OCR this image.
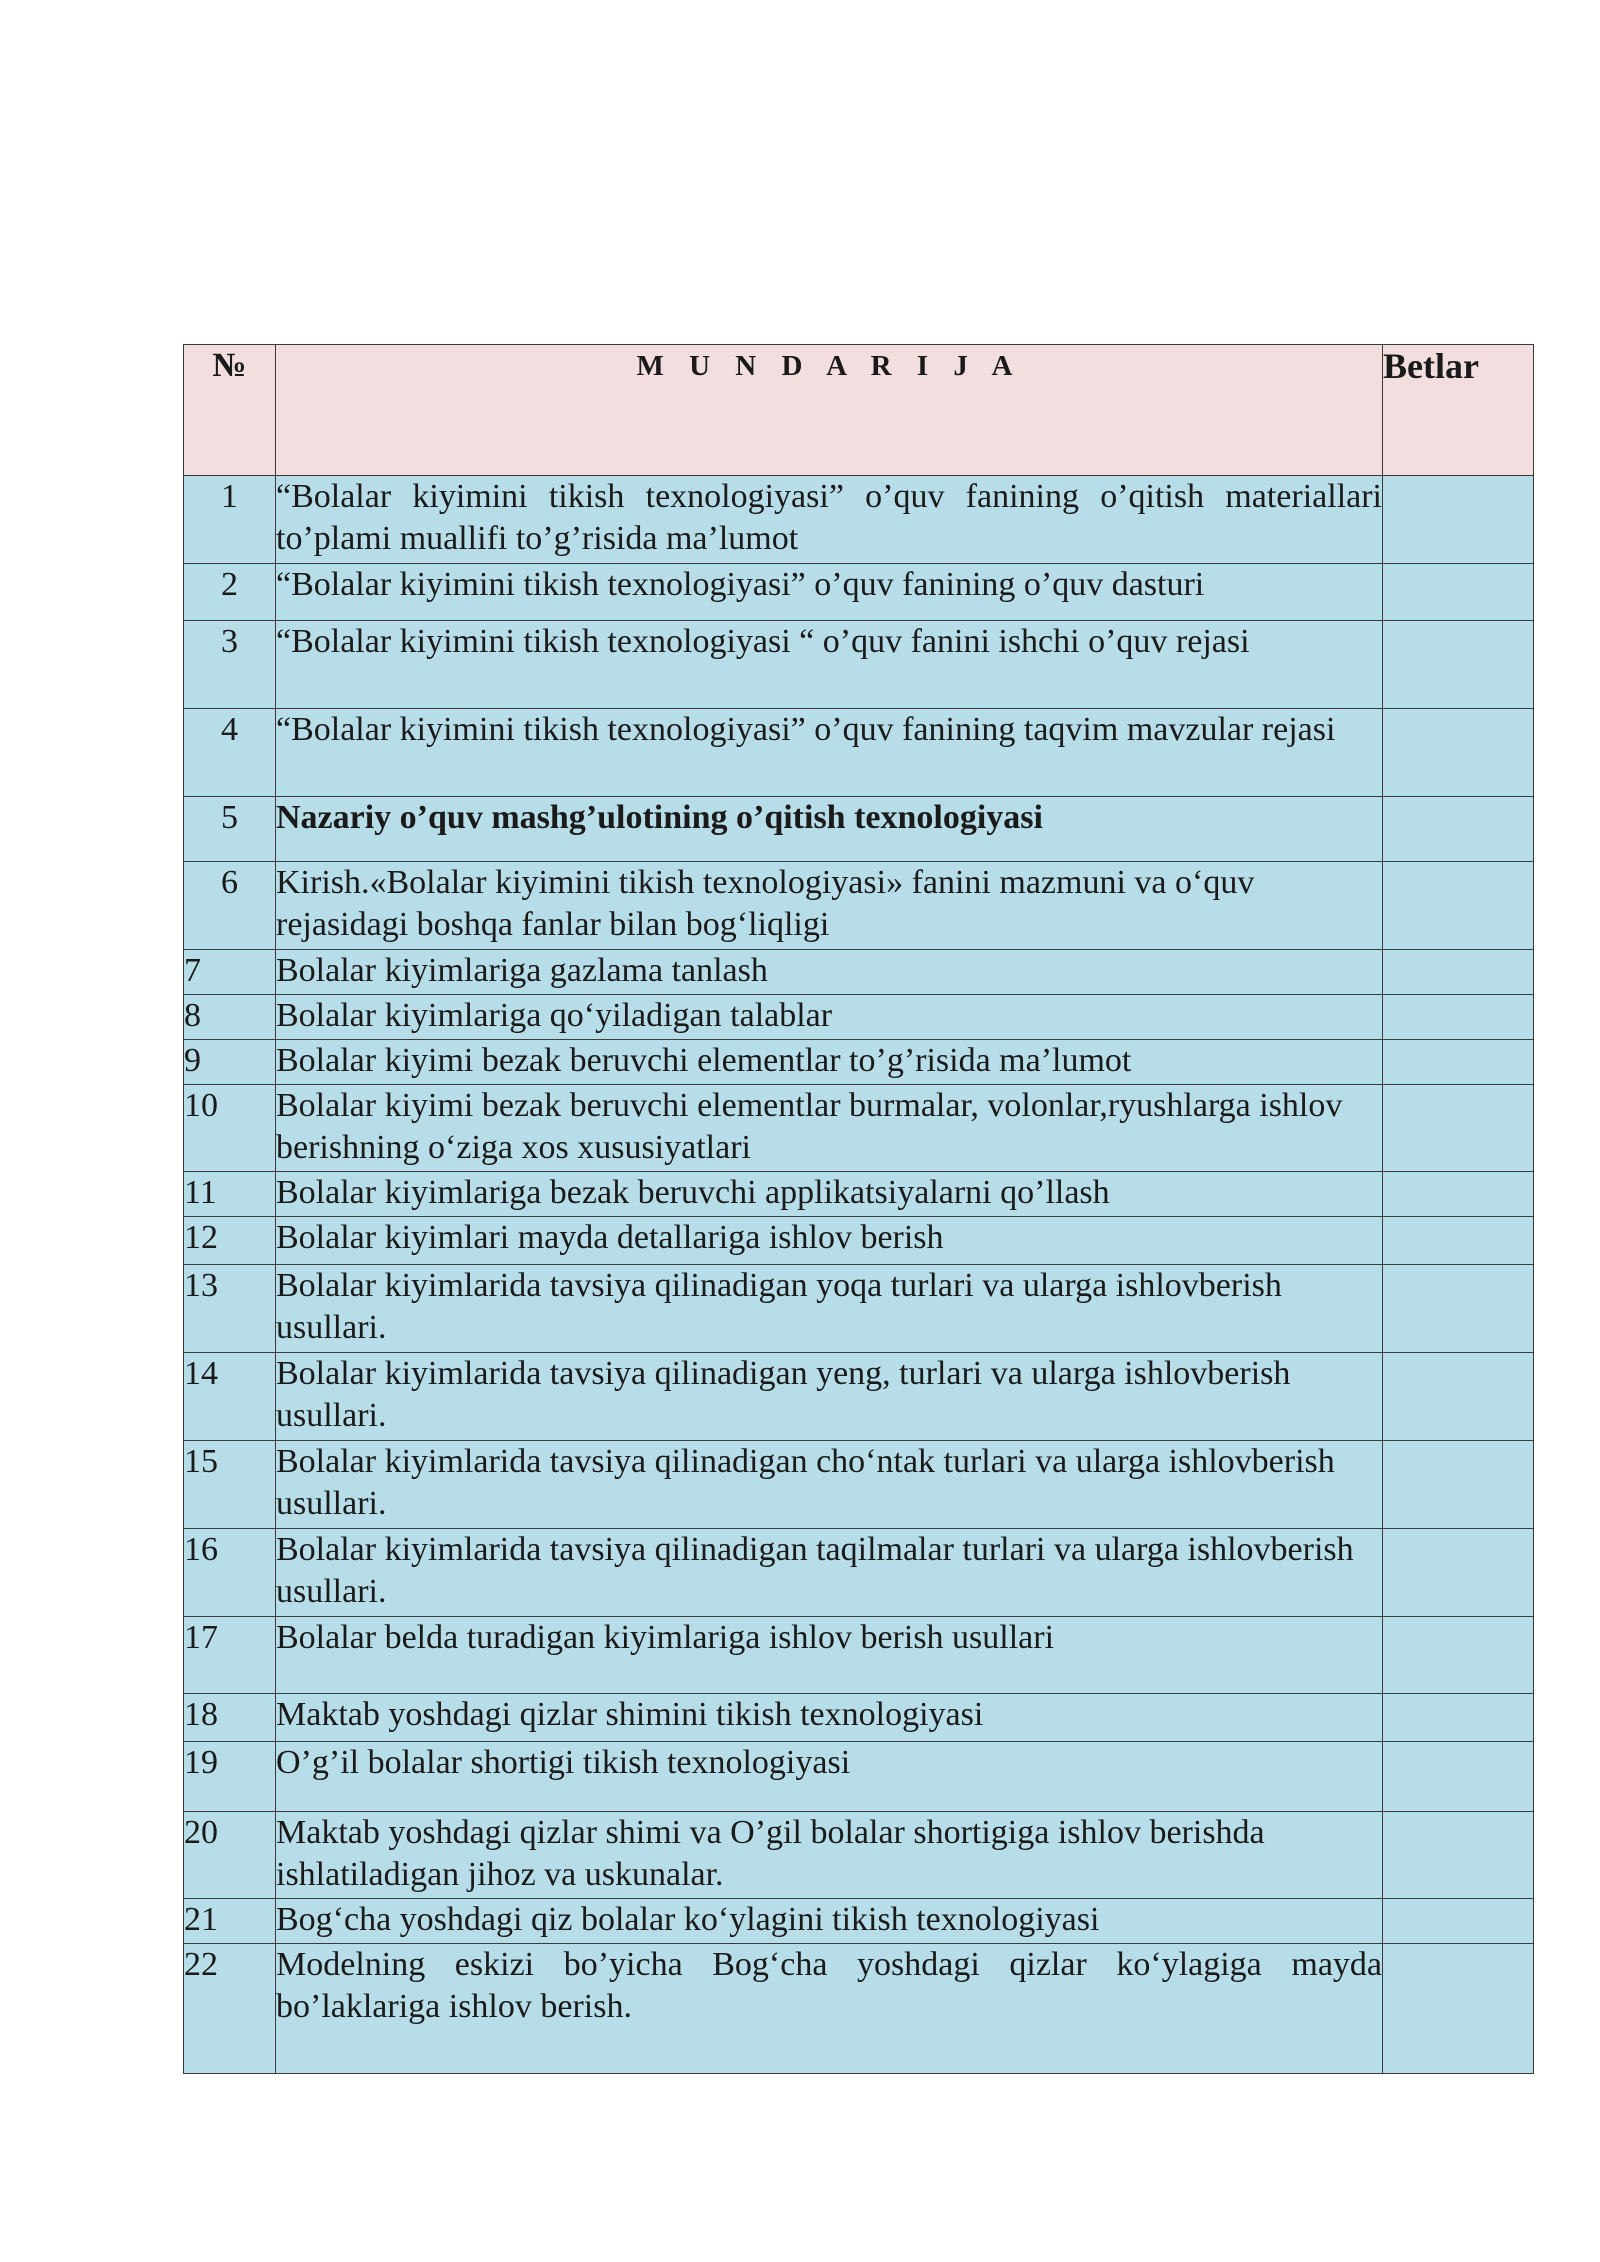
№	M U N D A R I J A	Betlar
1	“Bolalar kiyimini tikish texnologiyasi” o’quv fanining o’qitish materiallari to’plami muallifi to’g’risida ma’lumot	
2	“Bolalar kiyimini tikish texnologiyasi” o’quv fanining o’quv dasturi	
3	“Bolalar kiyimini tikish texnologiyasi “ o’quv fanini ishchi o’quv rejasi	
4	“Bolalar kiyimini tikish texnologiyasi” o’quv fanining taqvim mavzular rejasi	
5	Nazariy o’quv mashg’ulotining o’qitish texnologiyasi	
6	Kirish.«Bolalar kiyimini tikish texnologiyasi» fanini mazmuni va o‘quv rejasidagi boshqa fanlar bilan bog‘liqligi	
7	Bolalar kiyimlariga gazlama tanlash	
8	Bolalar kiyimlariga qo‘yiladigan talablar	
9	Bolalar kiyimi bezak beruvchi elementlar to’g’risida ma’lumot	
10	Bolalar kiyimi bezak beruvchi elementlar burmalar, volonlar,ryushlarga ishlov berishning o‘ziga xos xususiyatlari	
11	Bolalar kiyimlariga bezak beruvchi applikatsiyalarni qo’llash	
12	Bolalar kiyimlari mayda detallariga ishlov berish	
13	Bolalar kiyimlarida tavsiya qilinadigan yoqa turlari va ularga ishlovberish usullari.	
14	Bolalar kiyimlarida tavsiya qilinadigan yeng, turlari va ularga ishlovberish usullari.	
15	Bolalar kiyimlarida tavsiya qilinadigan cho‘ntak turlari va ularga ishlovberish usullari.	
16	Bolalar kiyimlarida tavsiya qilinadigan taqilmalar turlari va ularga ishlovberish usullari.	
17	Bolalar belda turadigan kiyimlariga ishlov berish usullari	
18	Maktab yoshdagi qizlar shimini tikish texnologiyasi	
19	O’g’il bolalar shortigi tikish texnologiyasi	
20	Maktab yoshdagi qizlar shimi va O’gil bolalar shortigiga ishlov berishda ishlatiladigan jihoz va uskunalar.	
21	Bog‘cha yoshdagi qiz bolalar ko‘ylagini tikish texnologiyasi	
22	Modelning eskizi bo’yicha Bog‘cha yoshdagi qizlar ko‘ylagiga mayda bo’laklariga ishlov berish.	
